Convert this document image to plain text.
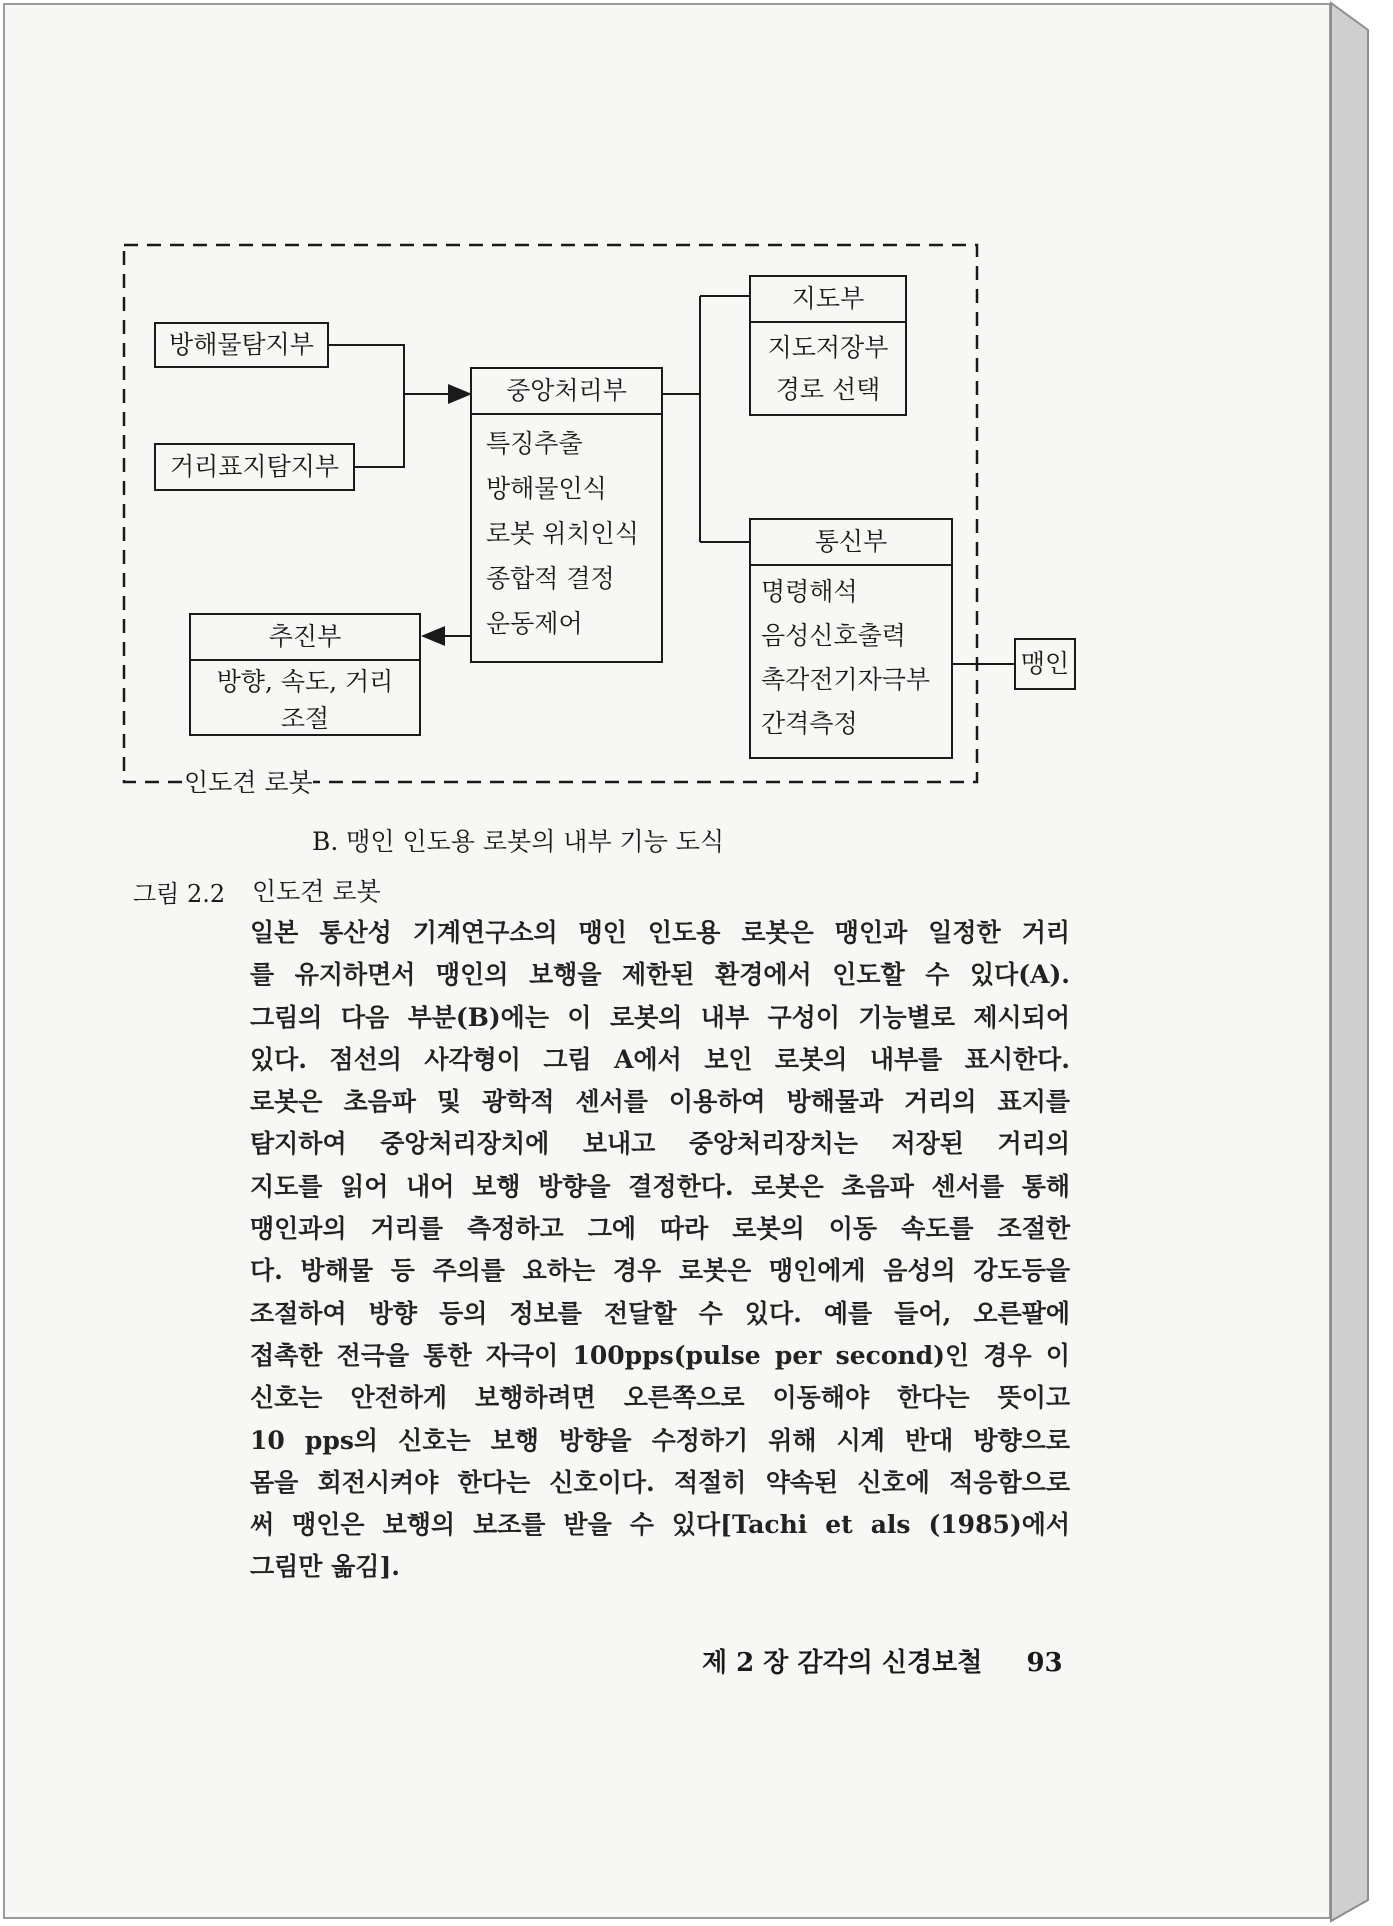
인도견 로봇
방해물탐지부
거리표지탐지부
중앙처리부
특징추출
방해물인식
로봇 위치인식
종합적 결정
운동제어
지도부
지도저장부
경로 선택
통신부
명령해석
음성신호출력
촉각전기자극부
간격측정
추진부
방향, 속도, 거리
조절
맹인
B. 맹인 인도용 로봇의 내부 기능 도식
그림 2.2 인도견 로봇
일본 통산성 기계연구소의 맹인 인도용 로봇은 맹인과 일정한 거리
를 유지하면서 맹인의 보행을 제한된 환경에서 인도할 수 있다(A).
그림의 다음 부분(B)에는 이 로봇의 내부 구성이 기능별로 제시되어
있다. 점선의 사각형이 그림 A에서 보인 로봇의 내부를 표시한다.
로봇은 초음파 및 광학적 센서를 이용하여 방해물과 거리의 표지를
탐지하여 중앙처리장치에 보내고 중앙처리장치는 저장된 거리의
지도를 읽어 내어 보행 방향을 결정한다. 로봇은 초음파 센서를 통해
맹인과의 거리를 측정하고 그에 따라 로봇의 이동 속도를 조절한
다. 방해물 등 주의를 요하는 경우 로봇은 맹인에게 음성의 강도등을
조절하여 방향 등의 정보를 전달할 수 있다. 예를 들어, 오른팔에
접촉한 전극을 통한 자극이 100pps(pulse per second)인 경우 이
신호는 안전하게 보행하려면 오른쪽으로 이동해야 한다는 뜻이고
10 pps의 신호는 보행 방향을 수정하기 위해 시계 반대 방향으로
몸을 회전시켜야 한다는 신호이다. 적절히 약속된 신호에 적응함으로
써 맹인은 보행의 보조를 받을 수 있다[Tachi et als (1985)에서
그림만 옮김].
제 2 장 감각의 신경보철 93
